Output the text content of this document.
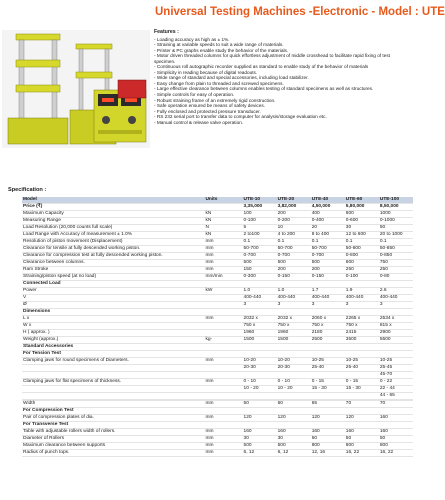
Universal Testing Machines -Electronic - Model : UTE
Features :
- Loading accuracy as high as ± 1%.
- Straining at variable speeds to suit a wide range of materials.
- Printer & PC graphs enable study the behavior of the materials.
- Motor driven threaded columns for quick effortless adjustment of middle crosshead to facilitate rapid fixing of test specimen.
- Continuous roll autographic recorder supplied as standard to enable study of the behavior of materials
- Simplicity in reading because of digital readouts.
- Wide range of standard and special accessories, including load stabilizer.
- Easy change from plain to threaded and screwed specimens.
- Large effective clearance between columns enables testing of standard specimens as well as structures.
- Simple controls for easy of operation.
- Robust straining frame of an extremely rigid construction.
- Safe operation ensured be means of safety devices.
- Fully enclosed and protected pressure transducer.
- RS 232 serial port to transfer data to computer for analysis/storage evaluation etc.
- Manual control & release valve operation.
Specification :
Model	Units	UTE-10	UTE-20	UTE-40	UTE-60	UTE-100
Price (₹)		3,35,000	3,82,000	4,50,000	5,80,000	8,50,000
Maximum Capacity	kN	100	200	400	600	1000
Measuring Range	kN	0-100	0-200	0-400	0-600	0-1000
Load Resolution (20,000 counts full scale)	N	5	10	20	30	50
Load Range with Accuracy of measurement ± 1.0%	kN	2 to100	4 to 200	8 to 400	12 to 600	20 to 1000
Resolution of piston movement (Displacement)	mm	0.1	0.1	0.1	0.1	0.1
Clearance for tensile at fully descended working piston.	mm	50-700	50-700	50-700	50-800	50-850
Clearance for compression test at fully descended working piston.	mm	0-700	0-700	0-700	0-800	0-850
Clearance between columns.	mm	500	500	500	600	750
Ram Stroke	mm	150	200	200	250	250
Straining/piston speed (at no load)	mm/min	0-300	0-150	0-150	0-100	0-80
Connected Load						
Power	kW	1.0	1.0	1.7	1.9	2.6
V		400-440	400-440	400-440	400-440	400-440
Ø		3	3	3	3	3
Dimensions						
L x	mm	2032 x	2032 x	2060 x	2265 x	2534 x
W x		750 x	750 x	750 x	750 x	815 x
H ( approx. )		1960	1960	2180	2415	2900
Weight (approx.)	kg-	1500	1500	2500	3500	5500
Standard Accessories						
For Tension Test						
Clamping jaws for round specimens of Diameters.	mm	10-20	10-20	10-25	10-25	10-25
		20-30	20-30	25-40	25-40	25-45
						45-70
Clamping jaws for flat specimens of thickness.	mm	0 - 10	0 - 10	0 - 15	0 - 15	0 - 22
		10 - 20	10 - 20	15 - 30	15 - 30	22 - 44
						44 - 65

Width	mm	50	50	65	70	70
For Compression Test						
Pair of compression plates of dia.	mm	120	120	120	120	160
For Transverse Test						
Table with adjustable rollers width of rollers.	mm	160	160	160	160	160
Diameter of Rollers	mm	30	30	50	50	50
Maximum clearance between supports	mm	500	500	800	800	800
Radius of punch tops.	mm	6, 12	6, 12	12, 16	16, 22	16, 22
